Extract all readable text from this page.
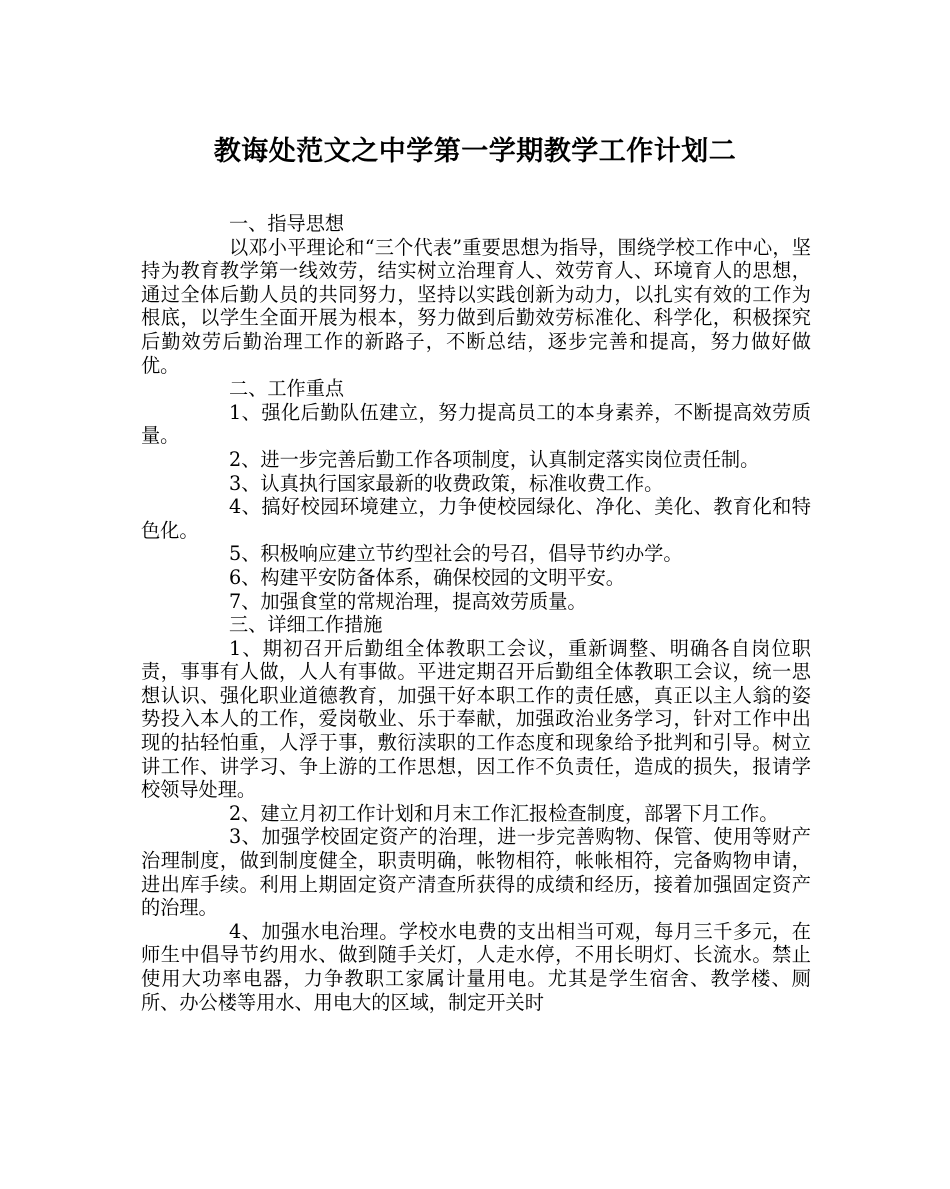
教诲处范文之中学第一学期教学工作计划二

一、指导思想

以邓小平理论和“三个代表”重要思想为指导，围绕学校工作中心，坚持为教育教学第一线效劳，结实树立治理育人、效劳育人、环境育人的思想，通过全体后勤人员的共同努力，坚持以实践创新为动力，以扎实有效的工作为根底，以学生全面开展为根本，努力做到后勤效劳标准化、科学化，积极探究后勤效劳后勤治理工作的新路子，不断总结，逐步完善和提高，努力做好做优。

二、工作重点

1、强化后勤队伍建立，努力提高员工的本身素养，不断提高效劳质量。

2、进一步完善后勤工作各项制度，认真制定落实岗位责任制。

3、认真执行国家最新的收费政策，标准收费工作。

4、搞好校园环境建立，力争使校园绿化、净化、美化、教育化和特色化。

5、积极响应建立节约型社会的号召，倡导节约办学。

6、构建平安防备体系，确保校园的文明平安。

7、加强食堂的常规治理，提高效劳质量。

三、详细工作措施

1、期初召开后勤组全体教职工会议，重新调整、明确各自岗位职责，事事有人做，人人有事做。平进定期召开后勤组全体教职工会议，统一思想认识、强化职业道德教育，加强干好本职工作的责任感，真正以主人翁的姿势投入本人的工作，爱岗敬业、乐于奉献，加强政治业务学习，针对工作中出现的拈轻怕重，人浮于事，敷衍渎职的工作态度和现象给予批判和引导。树立讲工作、讲学习、争上游的工作思想，因工作不负责任，造成的损失，报请学校领导处理。

2、建立月初工作计划和月末工作汇报检查制度，部署下月工作。

3、加强学校固定资产的治理，进一步完善购物、保管、使用等财产治理制度，做到制度健全，职责明确，帐物相符，帐帐相符，完备购物申请，进出库手续。利用上期固定资产清查所获得的成绩和经历，接着加强固定资产的治理。

4、加强水电治理。学校水电费的支出相当可观，每月三千多元，在师生中倡导节约用水、做到随手关灯，人走水停，不用长明灯、长流水。禁止使用大功率电器，力争教职工家属计量用电。尤其是学生宿舍、教学楼、厕所、办公楼等用水、用电大的区域，制定开关时
